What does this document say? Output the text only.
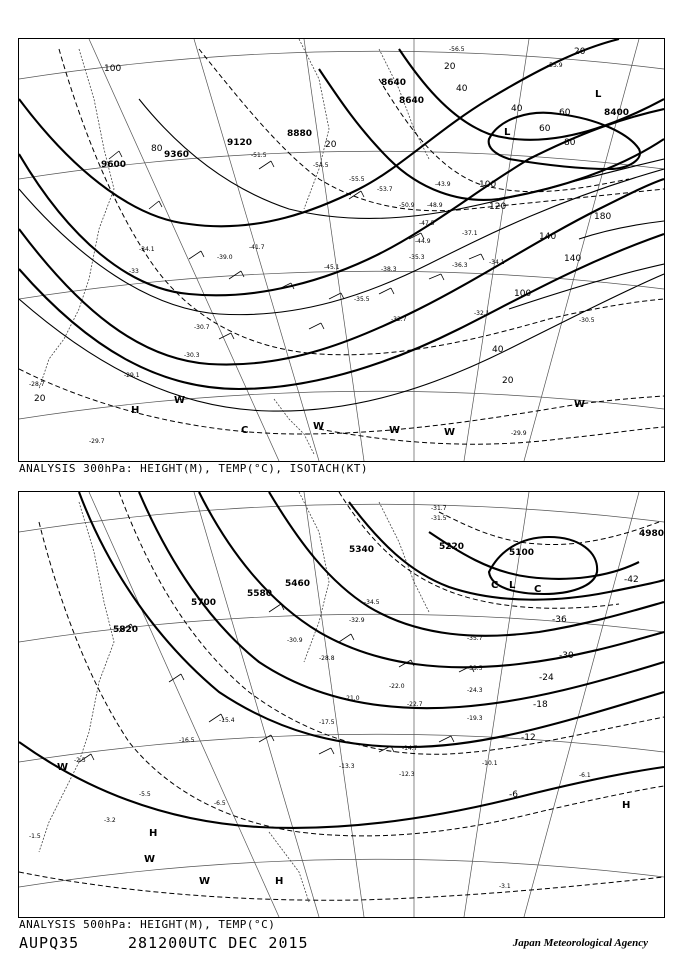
9600
9360
9120
8880
8640
8640
8400
100
80	20
20
40
40
60
60
80
100
120
140
140
180
20
20
20
100
40
-33
-30.3
-30.7
-34.1
-35.5
-32.7
-32.1
-30.5
-29.9
-29.1
-28.7
-29.7
-39.0
-41.7
-44.9
-45.1	-38.3
-35.3
-36.3	-34.1
-37.1
-43.9
-51.5
-54.5
-55.5
-53.7
-50.9 -48.9
-47.5
-56.5
-55.9
L
L
H
W
C	W	W	W
W
ANALYSIS 300hPa: HEIGHT(M), TEMP(°C), ISOTACH(KT)
5820
5700
5580
5460
5340	5220
5100
4980
-42
-36
-30
-24
-18
-12
-6
-31.7
-31.5
-35.7
-33.5
-22.7
-24.3
-19.3
-14.7
-12.3
-10.1
-6.1
-5.5
-6.5
-3.2
-3.1
-1.5
-2.5
-13.3
-15.4
-16.5
-17.5
-21.0
-22.0
-28.8
-30.9
-32.9
-34.5
L
C	C
H
H
H
W
W
W
ANALYSIS 500hPa: HEIGHT(M), TEMP(°C)
AUPQ35	281200UTC DEC 2015	Japan Meteorological Agency
